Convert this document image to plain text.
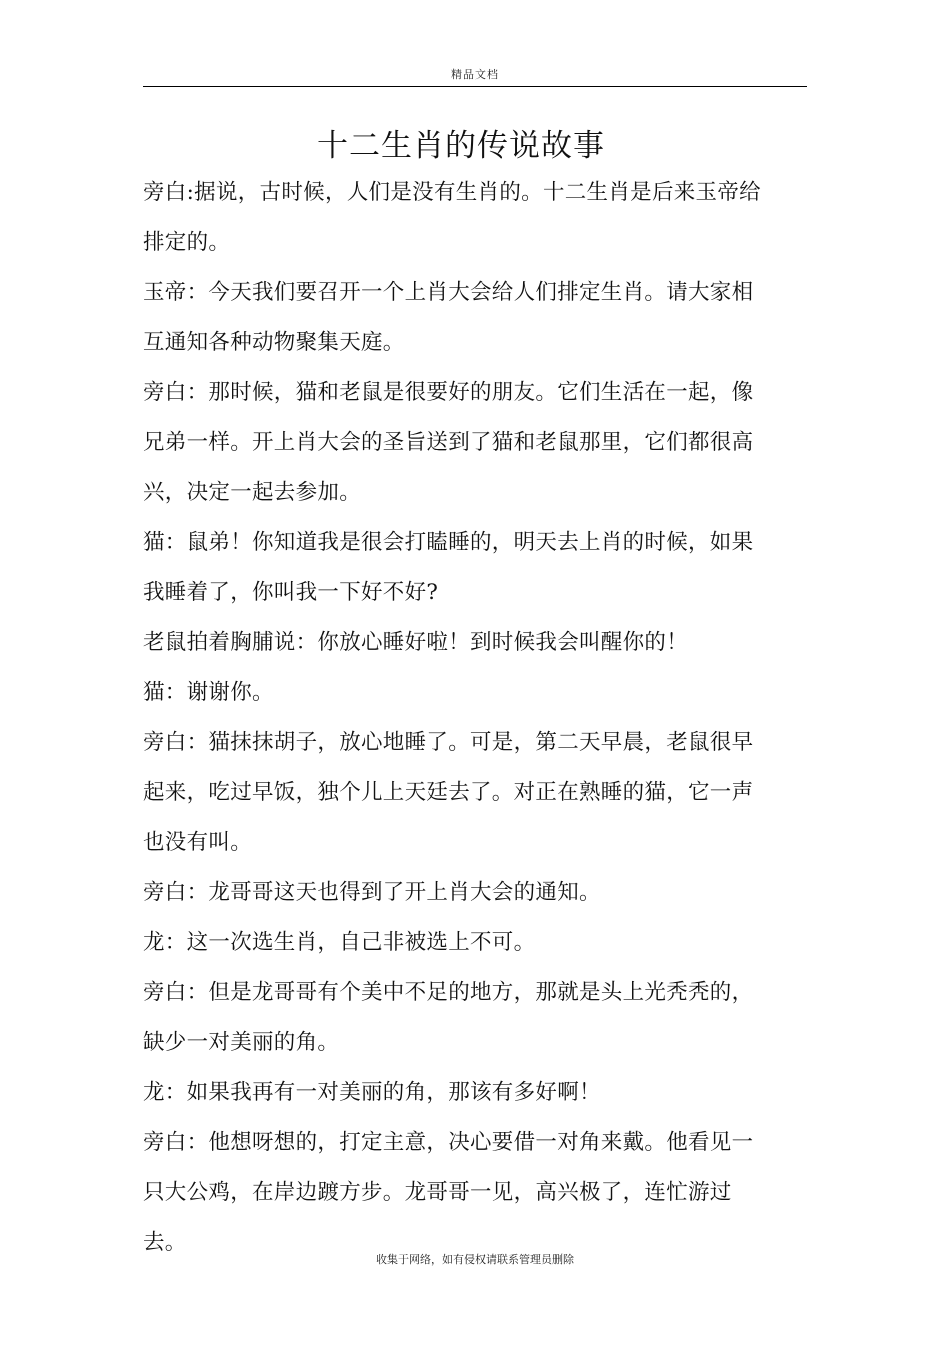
精品文档
十二生肖的传说故事

旁白:据说，古时候，人们是没有生肖的。十二生肖是后来玉帝给排定的。

玉帝：今天我们要召开一个上肖大会给人们排定生肖。请大家相互通知各种动物聚集天庭。

旁白：那时候，猫和老鼠是很要好的朋友。它们生活在一起，像兄弟一样。开上肖大会的圣旨送到了猫和老鼠那里，它们都很高兴，决定一起去参加。

猫：鼠弟！你知道我是很会打瞌睡的，明天去上肖的时候，如果我睡着了，你叫我一下好不好?

老鼠拍着胸脯说：你放心睡好啦！到时候我会叫醒你的！

猫：谢谢你。

旁白：猫抹抹胡子，放心地睡了。可是，第二天早晨，老鼠很早起来，吃过早饭，独个儿上天廷去了。对正在熟睡的猫，它一声也没有叫。

旁白：龙哥哥这天也得到了开上肖大会的通知。

龙：这一次选生肖，自己非被选上不可。

旁白：但是龙哥哥有个美中不足的地方，那就是头上光秃秃的，缺少一对美丽的角。

龙：如果我再有一对美丽的角，那该有多好啊！

旁白：他想呀想的，打定主意，决心要借一对角来戴。他看见一只大公鸡，在岸边踱方步。龙哥哥一见，高兴极了，连忙游过去。

收集于网络，如有侵权请联系管理员删除
